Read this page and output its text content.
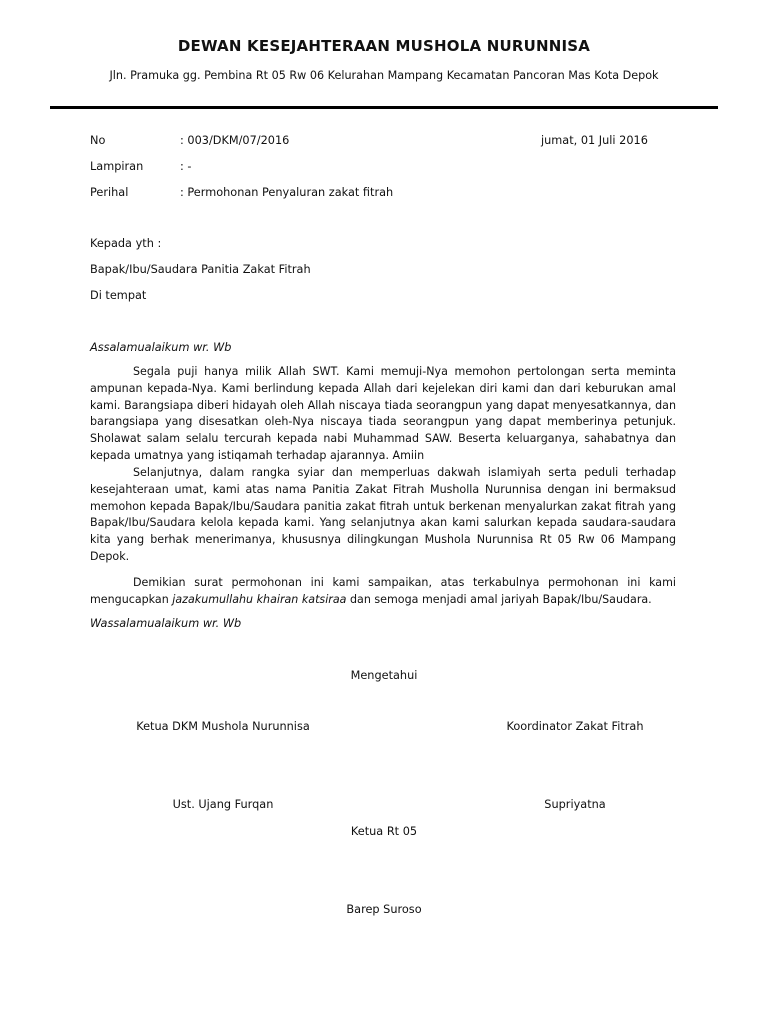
DEWAN KESEJAHTERAAN MUSHOLA NURUNNISA
Jln. Pramuka gg. Pembina Rt 05 Rw 06 Kelurahan Mampang Kecamatan Pancoran Mas Kota Depok
No	: 003/DKM/07/2016	jumat, 01 Juli 2016
Lampiran	: -
Perihal	: Permohonan Penyaluran zakat fitrah
Kepada yth :
Bapak/Ibu/Saudara Panitia Zakat Fitrah
Di tempat
Assalamualaikum wr. Wb

Segala puji hanya milik Allah SWT. Kami memuji-Nya memohon pertolongan serta meminta ampunan kepada-Nya. Kami berlindung kepada Allah dari kejelekan diri kami dan dari keburukan amal kami. Barangsiapa diberi hidayah oleh Allah niscaya tiada seorangpun yang dapat menyesatkannya, dan barangsiapa yang disesatkan oleh-Nya niscaya tiada seorangpun yang dapat memberinya petunjuk. Sholawat salam selalu tercurah kepada nabi Muhammad SAW. Beserta keluarganya, sahabatnya dan kepada umatnya yang istiqamah terhadap ajarannya. Amiin

Selanjutnya, dalam rangka syiar dan memperluas dakwah islamiyah serta peduli terhadap kesejahteraan umat, kami atas nama Panitia Zakat Fitrah Musholla Nurunnisa dengan ini bermaksud memohon kepada Bapak/Ibu/Saudara panitia zakat fitrah untuk berkenan menyalurkan zakat fitrah yang Bapak/Ibu/Saudara kelola kepada kami. Yang selanjutnya akan kami salurkan kepada saudara-saudara kita yang berhak menerimanya, khususnya dilingkungan Mushola Nurunnisa Rt 05 Rw 06 Mampang Depok.

Demikian surat permohonan ini kami sampaikan, atas terkabulnya permohonan ini kami mengucapkan jazakumullahu khairan katsiraa dan semoga menjadi amal jariyah Bapak/Ibu/Saudara.

Wassalamualaikum wr. Wb
Mengetahui
Ketua DKM Mushola Nurunnisa	Koordinator Zakat Fitrah
Ust. Ujang Furqan	Supriyatna
Ketua Rt 05
Barep Suroso
